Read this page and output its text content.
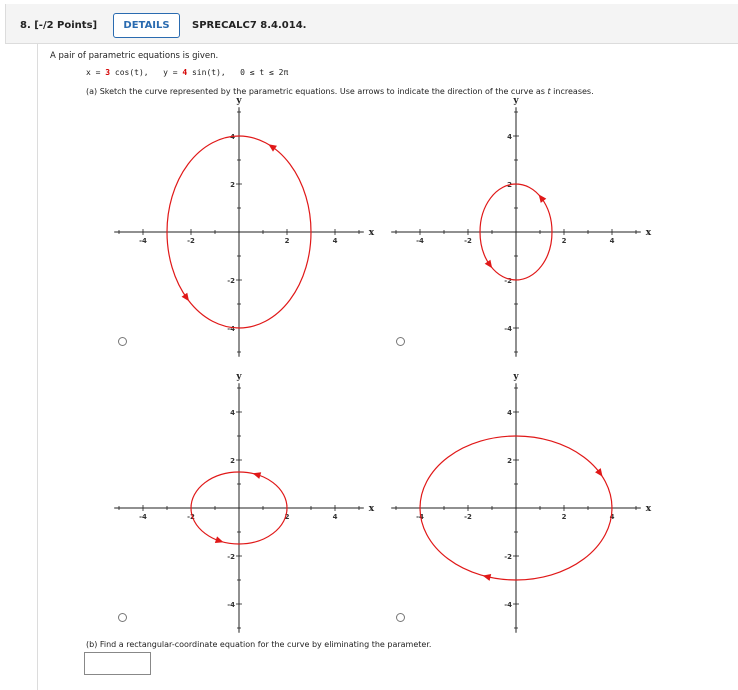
8. [-/2 Points]	DETAILS	SPRECALC7 8.4.014.
A pair of parametric equations is given.
x = 3 cos(t),   y = 4 sin(t),   0 ≤ t ≤ 2π
(a) Sketch the curve represented by the parametric equations. Use arrows to indicate the direction of the curve as t increases.
-4	-2	2	4
4
2
-2
-4
x
y
-4	-2	2	4
4
2
-2
-4
x
y
-4	-2	2	4
4
2
-2
-4
x
y
-4	-2	2	4
4
2
-2
-4
x
y
(b) Find a rectangular-coordinate equation for the curve by eliminating the parameter.
